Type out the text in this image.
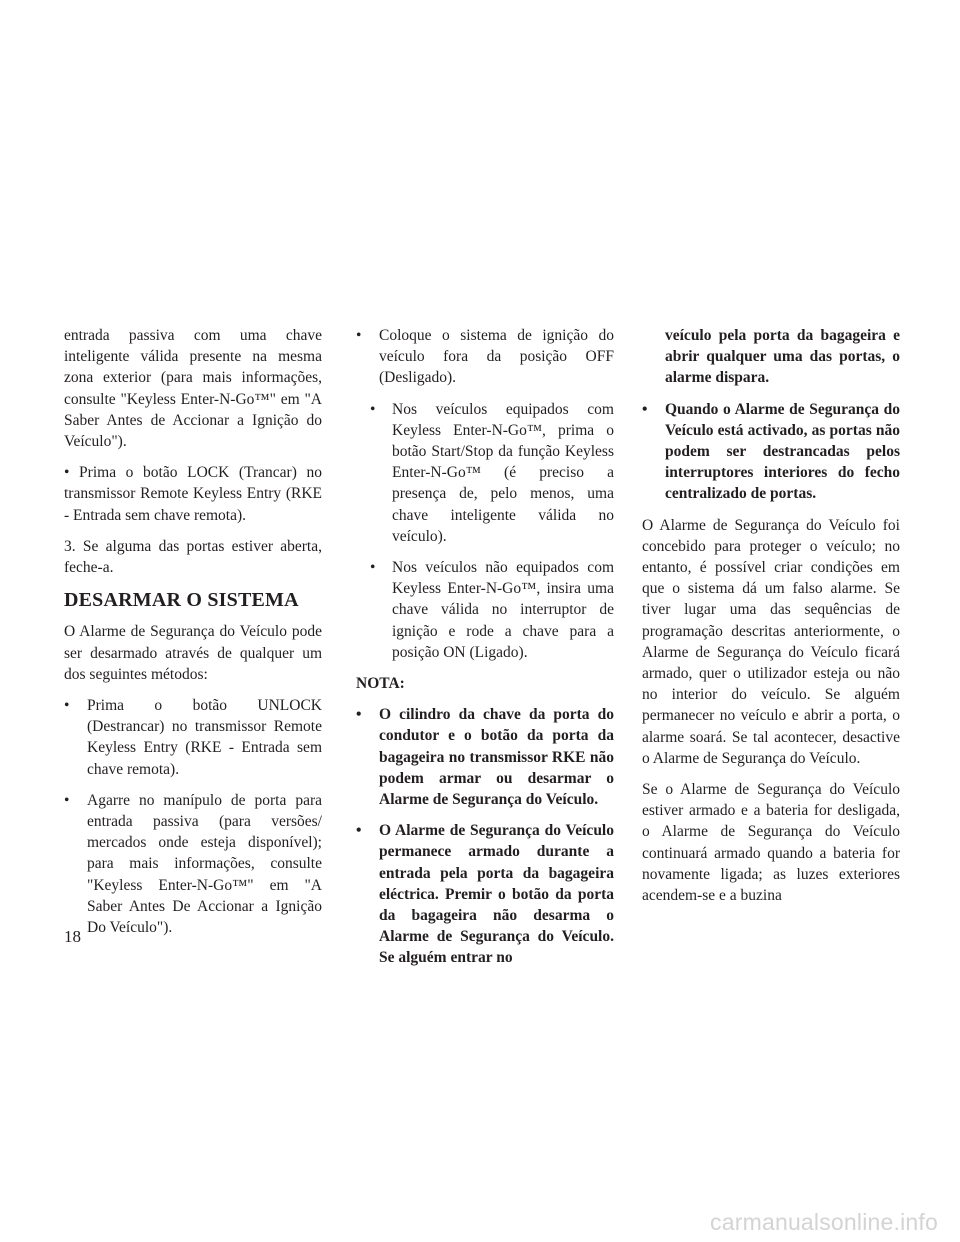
entrada passiva com uma chave inteligente válida presente na mesma zona exterior (para mais informações, consulte "Keyless Enter-N-Go™" em "A Saber Antes de Accionar a Ignição do Veículo").

• Prima o botão LOCK (Trancar) no transmissor Remote Keyless Entry (RKE - Entrada sem chave remota).

3. Se alguma das portas estiver aberta, feche-a.

DESARMAR O SISTEMA

O Alarme de Segurança do Veículo pode ser desarmado através de qualquer um dos seguintes métodos:

• Prima o botão UNLOCK (Destrancar) no transmissor Remote Keyless Entry (RKE - Entrada sem chave remota).

• Agarre no manípulo de porta para entrada passiva (para versões/ mercados onde esteja disponível); para mais informações, consulte "Keyless Enter-N-Go™" em "A Saber Antes De Accionar a Ignição Do Veículo").

• Coloque o sistema de ignição do veículo fora da posição OFF (Desligado).

• Nos veículos equipados com Keyless Enter-N-Go™, prima o botão Start/Stop da função Keyless Enter-N-Go™ (é preciso a presença de, pelo menos, uma chave inteligente válida no veículo).

• Nos veículos não equipados com Keyless Enter-N-Go™, insira uma chave válida no interruptor de ignição e rode a chave para a posição ON (Ligado).

NOTA:

• O cilindro da chave da porta do condutor e o botão da porta da bagageira no transmissor RKE não podem armar ou desarmar o Alarme de Segurança do Veículo.

• O Alarme de Segurança do Veículo permanece armado durante a entrada pela porta da bagageira eléctrica. Premir o botão da porta da bagageira não desarma o Alarme de Segurança do Veículo. Se alguém entrar no

veículo pela porta da bagageira e abrir qualquer uma das portas, o alarme dispara.

• Quando o Alarme de Segurança do Veículo está activado, as portas não podem ser destrancadas pelos interruptores interiores do fecho centralizado de portas.

O Alarme de Segurança do Veículo foi concebido para proteger o veículo; no entanto, é possível criar condições em que o sistema dá um falso alarme. Se tiver lugar uma das sequências de programação descritas anteriormente, o Alarme de Segurança do Veículo ficará armado, quer o utilizador esteja ou não no interior do veículo. Se alguém permanecer no veículo e abrir a porta, o alarme soará. Se tal acontecer, desactive o Alarme de Segurança do Veículo.

Se o Alarme de Segurança do Veículo estiver armado e a bateria for desligada, o Alarme de Segurança do Veículo continuará armado quando a bateria for novamente ligada; as luzes exteriores acendem-se e a buzina

18
carmanualsonline.info
